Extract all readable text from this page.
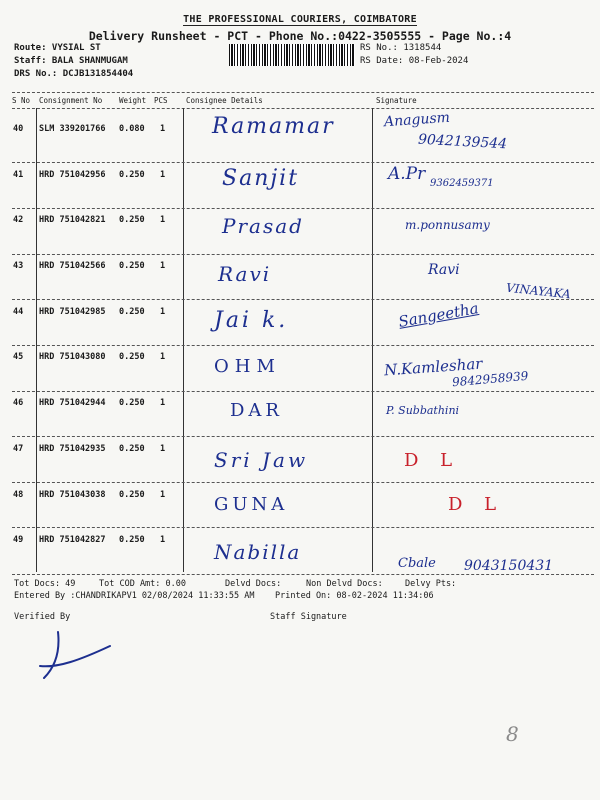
THE PROFESSIONAL COURIERS, COIMBATORE
Delivery Runsheet - PCT - Phone No.:0422-3505555 - Page No.:4
Route: VYSIAL ST
Staff: BALA SHANMUGAM
DRS No.: DCJB131854404
RS No.: 1318544
RS Date: 08-Feb-2024
S No Consignment No Weight PCS Consignee Details	Signature
40 SLM 339201766 0.080 1 Ramamar	Anagusm
9042139544
41 HRD 751042956 0.250 1	Sanjit	A.Pr 9362459371
42 HRD 751042821 0.250 1	Prasad	m.ponnusamy
43 HRD 751042566 0.250 1	Ravi	Ravi
VINAYAKA
44 HRD 751042985 0.250 1 Jai k.	Sangeetha
45 HRD 751043080 0.250 1	OHM	N.Kamleshar
9842958939
46 HRD 751042944 0.250 1	DAR	P. Subbathini
47 HRD 751042935 0.250 1 Sri Jaw	D L
48 HRD 751043038 0.250 1	GUNA	D L
49 HRD 751042827 0.250 1 Nabilla	Cbale 9043150431
Tot Docs: 49	Tot COD Amt: 0.00	Delvd Docs:	Non Delvd Docs:	Delvy Pts:
Entered By :CHANDRIKAPV1 02/08/2024 11:33:55 AM Printed On: 08-02-2024 11:34:06
Verified By	Staff Signature
8
